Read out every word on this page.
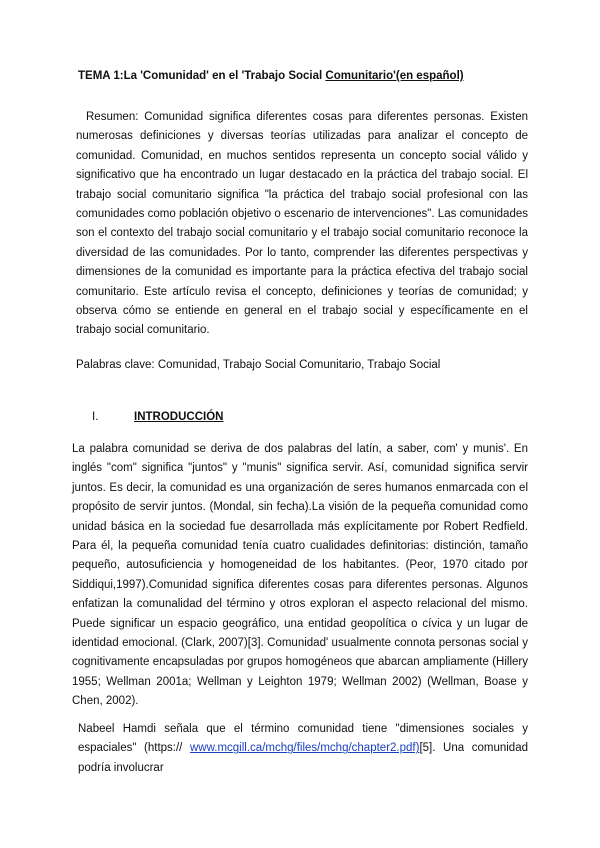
TEMA 1:La 'Comunidad' en el 'Trabajo Social Comunitario'(en español)
Resumen: Comunidad significa diferentes cosas para diferentes personas. Existen numerosas definiciones y diversas teorías utilizadas para analizar el concepto de comunidad. Comunidad, en muchos sentidos representa un concepto social válido y significativo que ha encontrado un lugar destacado en la práctica del trabajo social. El trabajo social comunitario significa "la práctica del trabajo social profesional con las comunidades como población objetivo o escenario de intervenciones". Las comunidades son el contexto del trabajo social comunitario y el trabajo social comunitario reconoce la diversidad de las comunidades. Por lo tanto, comprender las diferentes perspectivas y dimensiones de la comunidad es importante para la práctica efectiva del trabajo social comunitario. Este artículo revisa el concepto, definiciones y teorías de comunidad; y observa cómo se entiende en general en el trabajo social y específicamente en el trabajo social comunitario.
Palabras clave: Comunidad, Trabajo Social Comunitario, Trabajo Social
I.	INTRODUCCIÓN
La palabra comunidad se deriva de dos palabras del latín, a saber, com' y munis'. En inglés "com" significa "juntos" y "munis" significa servir. Así, comunidad significa servir juntos. Es decir, la comunidad es una organización de seres humanos enmarcada con el propósito de servir juntos. (Mondal, sin fecha).La visión de la pequeña comunidad como unidad básica en la sociedad fue desarrollada más explícitamente por Robert Redfield. Para él, la pequeña comunidad tenía cuatro cualidades definitorias: distinción, tamaño pequeño, autosuficiencia y homogeneidad de los habitantes. (Peor, 1970 citado por Siddiqui,1997).Comunidad significa diferentes cosas para diferentes personas. Algunos enfatizan la comunalidad del término y otros exploran el aspecto relacional del mismo. Puede significar un espacio geográfico, una entidad geopolítica o cívica y un lugar de identidad emocional. (Clark, 2007)[3]. Comunidad' usualmente connota personas social y cognitivamente encapsuladas por grupos homogéneos que abarcan ampliamente (Hillery 1955; Wellman 2001a; Wellman y Leighton 1979; Wellman 2002) (Wellman, Boase y Chen, 2002).
Nabeel Hamdi señala que el término comunidad tiene "dimensiones sociales y espaciales" (https:// www.mcgill.ca/mchg/files/mchg/chapter2.pdf)[5]. Una comunidad podría involucrar
